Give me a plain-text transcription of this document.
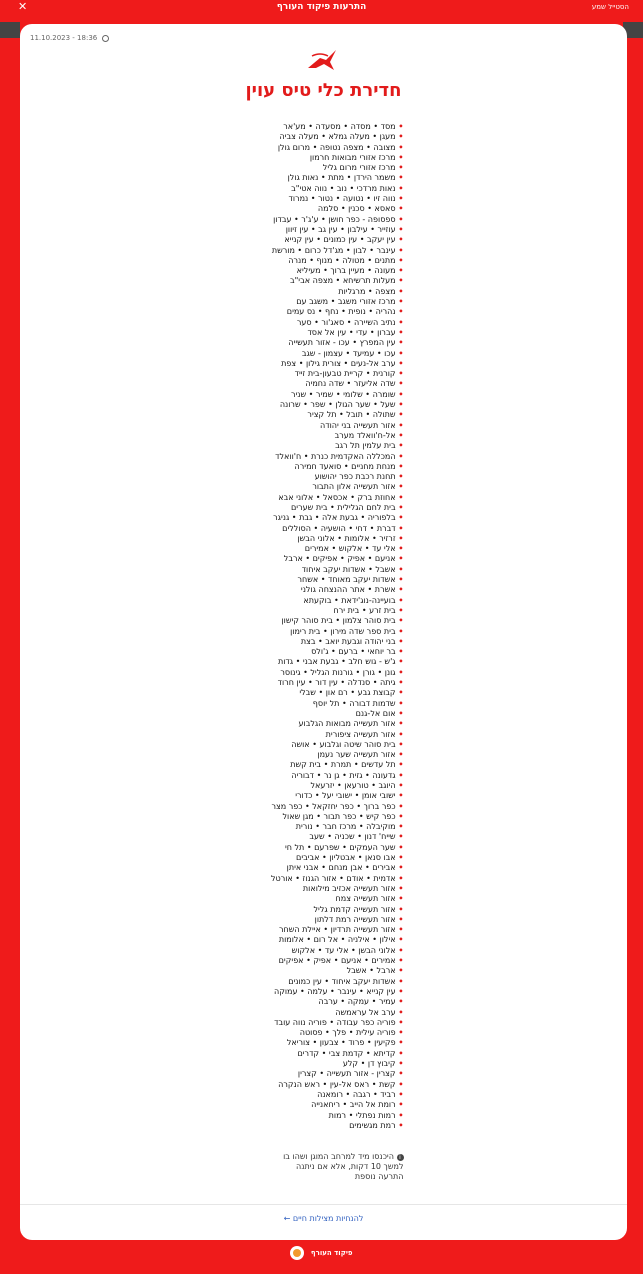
✕	התרעות פיקוד העורף	הסטייל שמע
11.10.2023 - 18:36
חדירת כלי טיס עוין
• מסד • מסדה • מסעדה • מע'אר
• מעגן • מעלה גמלא • מעלה צביה
• מצובה • מצפה נטופה • מרום גולן
• מרכז אזורי מבואות חרמון
• מרכז אזורי מרום גליל
• משמר הירדן • מתת • נאות גולן
• נאות מרדכי • נוב • נווה אטי"ב
• נווה זיו • נטועה • נטור • נמרוד
• סאסא • סכנין • סלמה
• ספסופה - כפר חושן • ע'ג'ר • עבדון
• עוזייר • עילבון • עין גב • עין זיוון
• עין יעקב • עין כמונים • עין קנייא
• עינבר • לבון • מג'דל כרום • מורשת
• מתנים • מטולה • מנוף • מנרה
• מעונה • מעיין ברוך • מעיליא
• מעלות תרשיחא • מצפה אבי"ב
• מצפה • מרגליות
• מרכז אזורי משגב • משגב עם
• נהריה • נופית • נחף • נס עמים
• נתיב השיירה • סאג'ור • סער
• עברון • עדי • עין אל אסד
• עין המפרץ • עכו - אזור תעשייה
• עכו • עמיעד • עצמון - שגב
• ערב אל-נעים • צורית גילון • צפת
• קורנית • קריית טבעון-בית זייד
• שדה אליעזר • שדה נחמיה
• שומרה • שלומי • שמיר • שניר
• שעל • שער הגולן • שפר • שרונה
• שתולה • תובל • תל קציר
• אזור תעשייה בני יהודה
• אל-ח'וואלד מערב
• בית עלמין תל רגב
• המכללה האקדמית כנרת • ח'וואלד
• מנחת מחניים • סואעד חמירה
• תחנת רכבת כפר יהושוע
• אזור תעשייה אלון התבור
• אחוזת ברק • אכסאל • אלוני אבא
• בית לחם הגלילית • בית שערים
• בלפוריה • גבעת אלה • גבת • גניגר
• דברת • דחי • הושעיה • הסוללים
• זרזיר • אלומות • אלוני הבשן
• אלי עד • אלקוש • אמירים
• אניעם • אפיק • אפיקים • ארבל
• אשבל • אשדות יעקב איחוד
• אשדות יעקב מאוחד • אשחר
• אשרת • אתר ההנצחה גולני
• בועיינה-נוג'ידאת • בוקעתא
• בית זרע • בית ירח
• בית סוהר צלמון • בית סוהר קישון
• בית ספר שדה מירון • בית רימון
• בני יהודה וגבעת יואב • בצת
• בר יוחאי • ברעם • ג'ולס
• ג'ש - גוש חלב • גבעת אבני • גדות
• גונן • גורן • גורנות הגליל • גינוסר
• גיתה • סנדלה • עין דור • עין חרוד
• קבוצת גבע • רם און • שבלי
• שדמות דבורה • תל יוסף
• אום אל-גנם
• אזור תעשייה מבואות הגלבוע
• אזור תעשייה ציפורית
• בית סוהר שיטה וגלבוע • אושה
• אזור תעשייה שער נעמן
• תל עדשים • תמרת • בית קשת
• גדעונה • גזית • גן נר • דבוריה
• היוגב • טורעאן • יזרעאל
• ישובי אומן • ישובי יעל • כדורי
• כפר ברוך • כפר יחזקאל • כפר מצר
• כפר קיש • כפר תבור • מגן שאול
• מוקיבלה • מרכז חבר • נורית
• שייח' דנון • שכניה • שעב
• שער העמקים • שפרעם • תל חי
• אבו סנאן • אבטליון • אביבים
• אבירים • אבן מנחם • אבני איתן
• אדמית • אודם • אזור הגנוז • אורטל
• אזור תעשייה אכזיב מילואות
• אזור תעשייה צמח
• אזור תעשייה קדמת גליל
• אזור תעשייה רמת דלתון
• אזור תעשייה תרדיון • איילת השחר
• אילון • אילניה • אל רום • אלומות
• אלוני הבשן • אלי עד • אלקוש
• אמירים • אניעם • אפיק • אפיקים
• ארבל • אשבל
• אשדות יעקב איחוד • עין כמונים
• עין קנייא • עינבר • עלמה • עמוקה
• עמיר • עמקה • ערבה
• ערב אל עראמשה
• פוריה כפר עבודה • פוריה נווה עובד
• פוריה עילית • פלך • פסוטה
• פקיעין • פרוד • צבעון • צוריאל
• קדיתא • קדמת צבי • קדרים
• קיבוץ דן • קלע
• קצרין - אזור תעשייה • קצרין
• קשת • ראס אל-עין • ראש הנקרה
• רביד • רגבה • רומאנה
• רומת אל הייב • ריחאנייה
• רמות נפתלי • רמות
• רמת מגשימים
i היכנסו מיד למרחב המוגן ושהו בו
למשך 10 דקות, אלא אם ניתנה
התרעה נוספת
להנחיות מצילות חיים ←
פיקוד העורף
